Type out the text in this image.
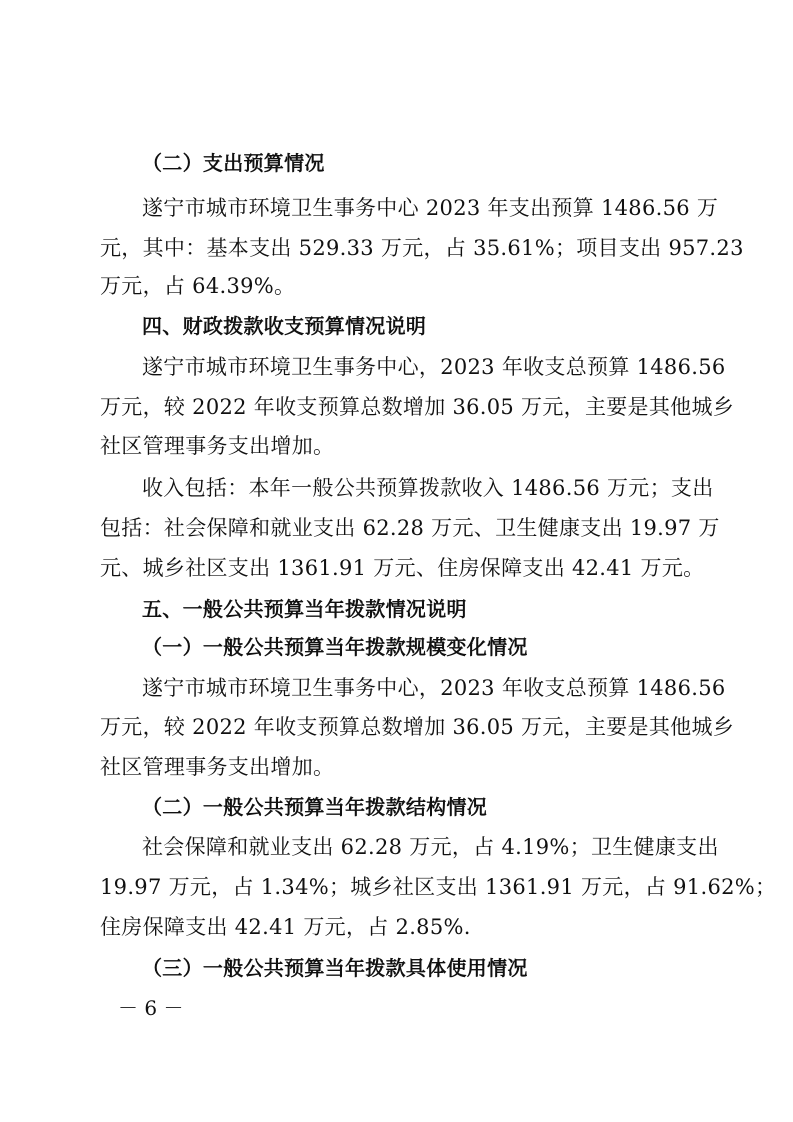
（二）支出预算情况
遂宁市城市环境卫生事务中心 2023 年支出预算 1486.56 万
元，其中：基本支出 529.33 万元，占 35.61%；项目支出 957.23
万元，占 64.39%。
四、财政拨款收支预算情况说明
遂宁市城市环境卫生事务中心，2023 年收支总预算 1486.56
万元，较 2022 年收支预算总数增加 36.05 万元，主要是其他城乡
社区管理事务支出增加。
收入包括：本年一般公共预算拨款收入 1486.56 万元；支出
包括：社会保障和就业支出 62.28 万元、卫生健康支出 19.97 万
元、城乡社区支出 1361.91 万元、住房保障支出 42.41 万元。
五、一般公共预算当年拨款情况说明
（一）一般公共预算当年拨款规模变化情况
遂宁市城市环境卫生事务中心，2023 年收支总预算 1486.56
万元，较 2022 年收支预算总数增加 36.05 万元，主要是其他城乡
社区管理事务支出增加。
（二）一般公共预算当年拨款结构情况
社会保障和就业支出 62.28 万元，占 4.19%；卫生健康支出
19.97 万元，占 1.34%；城乡社区支出 1361.91 万元，占 91.62%；
住房保障支出 42.41 万元，占 2.85%.
（三）一般公共预算当年拨款具体使用情况
－ 6 －
